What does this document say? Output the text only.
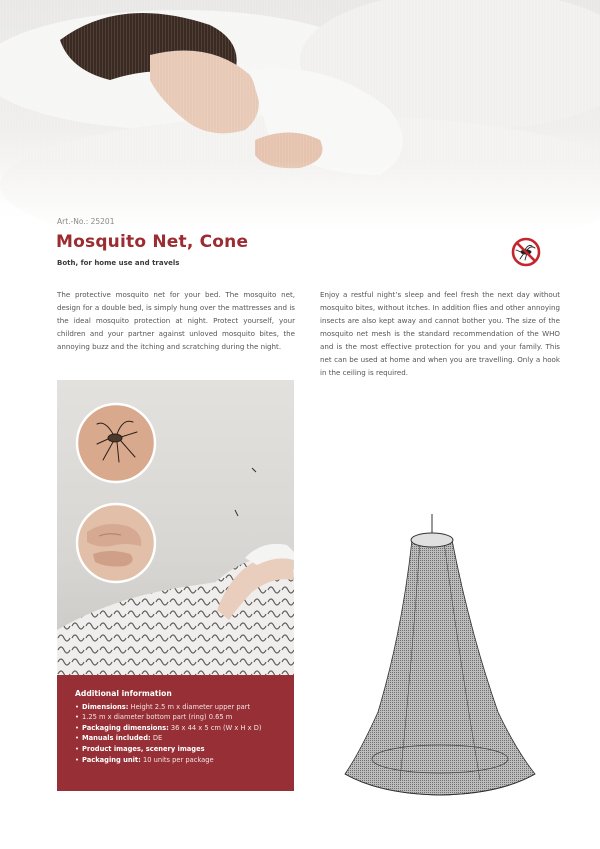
Art.-No.: 25201
Mosquito Net, Cone
Both, for home use and travels

The protective mosquito net for your bed. The mosquito net, design for a double bed, is simply hung over the mattresses and is the ideal mosquito protection at night. Protect yourself, your children and your partner against unloved mosquito bites, the annoying buzz and the itching and scratching during the night.

Enjoy a restful night’s sleep and feel fresh the next day without mosquito bites, without itches. In addition flies and other annoying insects are also kept away and cannot bother you. The size of the mosquito net mesh is the standard recommendation of the WHO and is the most effective protection for you and your family. This net can be used at home and when you are travelling. Only a hook in the ceiling is required.

Additional information
• Dimensions: Height 2.5 m x diameter upper part
• 1.25 m x diameter bottom part (ring) 0.65 m
• Packaging dimensions: 36 x 44 x 5 cm (W x H x D)
• Manuals included: DE
• Product images, scenery images
• Packaging unit: 10 units per package
